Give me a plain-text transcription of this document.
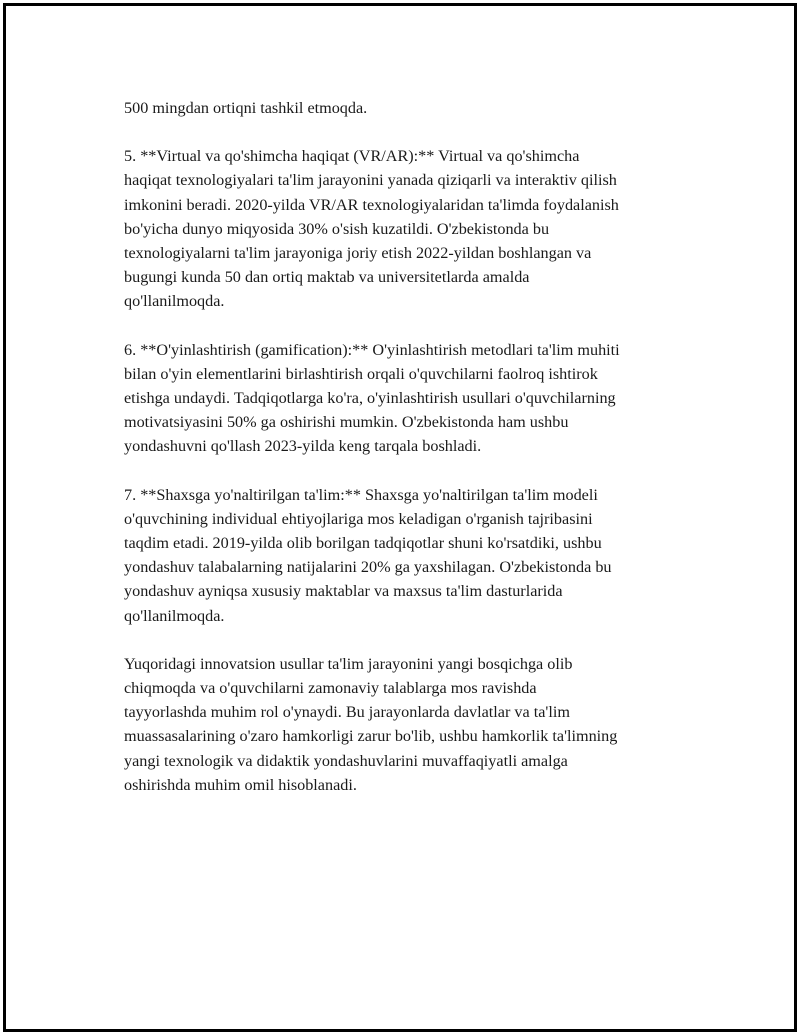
500 mingdan ortiqni tashkil etmoqda.

5. **Virtual va qo'shimcha haqiqat (VR/AR):** Virtual va qo'shimcha
haqiqat texnologiyalari ta'lim jarayonini yanada qiziqarli va interaktiv qilish
imkonini beradi. 2020-yilda VR/AR texnologiyalaridan ta'limda foydalanish
bo'yicha dunyo miqyosida 30% o'sish kuzatildi. O'zbekistonda bu
texnologiyalarni ta'lim jarayoniga joriy etish 2022-yildan boshlangan va
bugungi kunda 50 dan ortiq maktab va universitetlarda amalda
qo'llanilmoqda.

6. **O'yinlashtirish (gamification):** O'yinlashtirish metodlari ta'lim muhiti
bilan o'yin elementlarini birlashtirish orqali o'quvchilarni faolroq ishtirok
etishga undaydi. Tadqiqotlarga ko'ra, o'yinlashtirish usullari o'quvchilarning
motivatsiyasini 50% ga oshirishi mumkin. O'zbekistonda ham ushbu
yondashuvni qo'llash 2023-yilda keng tarqala boshladi.

7. **Shaxsga yo'naltirilgan ta'lim:** Shaxsga yo'naltirilgan ta'lim modeli
o'quvchining individual ehtiyojlariga mos keladigan o'rganish tajribasini
taqdim etadi. 2019-yilda olib borilgan tadqiqotlar shuni ko'rsatdiki, ushbu
yondashuv talabalarning natijalarini 20% ga yaxshilagan. O'zbekistonda bu
yondashuv ayniqsa xususiy maktablar va maxsus ta'lim dasturlarida
qo'llanilmoqda.

Yuqoridagi innovatsion usullar ta'lim jarayonini yangi bosqichga olib
chiqmoqda va o'quvchilarni zamonaviy talablarga mos ravishda
tayyorlashda muhim rol o'ynaydi. Bu jarayonlarda davlatlar va ta'lim
muassasalarining o'zaro hamkorligi zarur bo'lib, ushbu hamkorlik ta'limning
yangi texnologik va didaktik yondashuvlarini muvaffaqiyatli amalga
oshirishda muhim omil hisoblanadi.
